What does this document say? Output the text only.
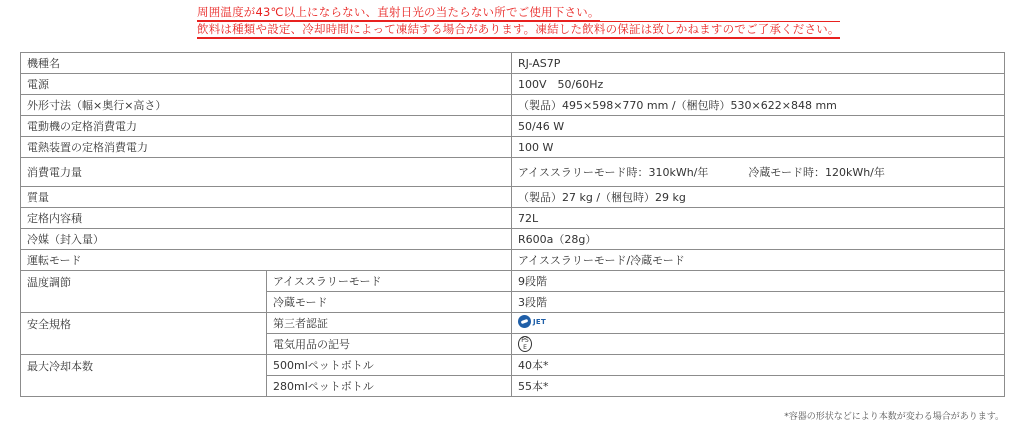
周囲温度が43℃以上にならない、直射日光の当たらない所でご使用下さい。
飲料は種類や設定、冷却時間によって凍結する場合があります。凍結した飲料の保証は致しかねますのでご了承ください。
機種名		RJ-AS7P
電源		100V　50/60Hz
外形寸法（幅×奥行×高さ）		（製品）495×598×770 mm /（梱包時）530×622×848 mm
電動機の定格消費電力		50/46 W
電熱装置の定格消費電力		100 W
消費電力量		アイススラリーモード時：310kWh/年 冷蔵モード時：120kWh/年
質量		（製品）27 kg /（梱包時）29 kg
定格内容積		72L
冷媒（封入量）		R600a（28g）
運転モード		アイススラリーモード/冷蔵モード
温度調節	アイススラリーモード	9段階
	冷蔵モード	3段階
安全規格	第三者認証	JET

	電気用品の記号	PS
E
最大冷却本数	500mlペットボトル	40本*
	280mlペットボトル	55本*
*容器の形状などにより本数が変わる場合があります。
